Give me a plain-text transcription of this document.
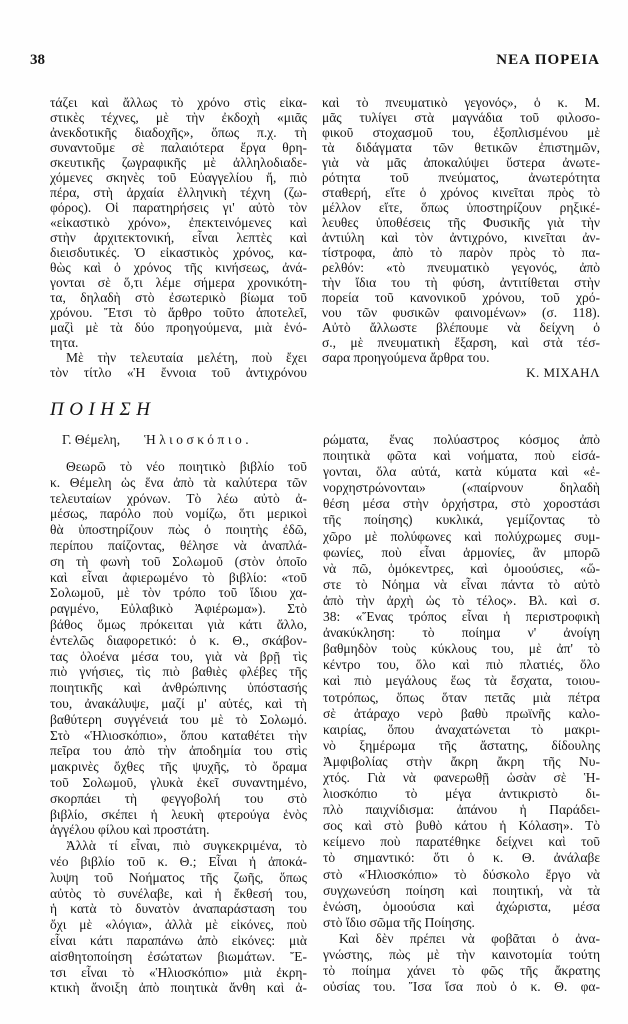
38	ΝΕΑ ΠΟΡΕΙΑ
τάζει καὶ ἄλλως τὸ χρόνο στὶς εἰκα-
στικὲς τέχνες, μὲ τὴν ἐκδοχὴ «μιᾶς
ἀνεκδοτικῆς διαδοχῆς», ὅπως π.χ. τὴ
συναντοῦμε σὲ παλαιότερα ἔργα θρη-
σκευτικῆς ζωγραφικῆς μὲ ἀλληλοδιαδε-
χόμενες σκηνὲς τοῦ Εὐαγγελίου ἤ, πιὸ
πέρα, στὴ ἀρχαία ἑλληνικὴ τέχνη (ζω-
φόρος). Οἱ παρατηρήσεις γι' αὐτὸ τὸν
«εἰκαστικὸ χρόνο», ἐπεκτεινόμενες καὶ
στὴν ἀρχιτεκτονική, εἶναι λεπτὲς καὶ
διεισδυτικές. Ὁ εἰκαστικὸς χρόνος, κα-
θὼς καὶ ὁ χρόνος τῆς κινήσεως, ἀνά-
γονται σὲ ὅ,τι λέμε σήμερα χρονικότη-
τα, δηλαδὴ στὸ ἐσωτερικὸ βίωμα τοῦ
χρόνου. Ἔτσι τὸ ἄρθρο τοῦτο ἀποτελεῖ,
μαζὶ μὲ τὰ δύο προηγούμενα, μιὰ ἑνό-
τητα.
Μὲ τὴν τελευταία μελέτη, ποὺ ἔχει
τὸν τίτλο «Ἡ ἔννοια τοῦ ἀντιχρόνου
καὶ τὸ πνευματικὸ γεγονός», ὁ κ. Μ.
μᾶς τυλίγει στὰ μαγνάδια τοῦ φιλοσο-
φικοῦ στοχασμοῦ του, ἐξοπλισμένου μὲ
τὰ διδάγματα τῶν θετικῶν ἐπιστημῶν,
γιὰ νὰ μᾶς ἀποκαλύψει ὕστερα ἀνωτε-
ρότητα τοῦ πνεύματος, ἀνωτερότητα
σταθερή, εἴτε ὁ χρόνος κινεῖται πρὸς τὸ
μέλλον εἴτε, ὅπως ὑποστηρίζουν ρηξικέ-
λευθες ὑποθέσεις τῆς Φυσικῆς γιὰ τὴν
ἀντιύλη καὶ τὸν ἀντιχρόνο, κινεῖται ἀν-
τίστροφα, ἀπὸ τὸ παρὸν πρὸς τὸ πα-
ρελθόν: «τὸ πνευματικὸ γεγονός, ἀπὸ
τὴν ἴδια του τὴ φύση, ἀντιτίθεται στὴν
πορεία τοῦ κανονικοῦ χρόνου, τοῦ χρό-
νου τῶν φυσικῶν φαινομένων» (σ. 118).
Αὐτὸ ἄλλωστε βλέπουμε νὰ δείχνη ὁ
σ., μὲ πνευματικὴ ἔξαρση, καὶ στὰ τέσ-
σαρα προηγούμενα ἄρθρα του.
Κ. ΜΙΧΑΗΛ
ΠΟΙΗΣΗ
Γ. Θέμελη, Ἡλιοσκόπιο.
Θεωρῶ τὸ νέο ποιητικὸ βιβλίο τοῦ
κ. Θέμελη ὡς ἕνα ἀπὸ τὰ καλύτερα τῶν
τελευταίων χρόνων. Τὸ λέω αὐτὸ ἀ-
μέσως, παρόλο ποὺ νομίζω, ὅτι μερικοὶ
θὰ ὑποστηρίζουν πὼς ὁ ποιητὴς ἐδῶ,
περίπου παίζοντας, θέλησε νὰ ἀναπλά-
ση τὴ φωνὴ τοῦ Σολωμοῦ (στὸν ὁποῖο
καὶ εἶναι ἀφιερωμένο τὸ βιβλίο: «τοῦ
Σολωμοῦ, μὲ τὸν τρόπο τοῦ ἴδιου χα-
ραγμένο, Εὐλαβικὸ Ἀφιέρωμα»). Στὸ
βάθος ὅμως πρόκειται γιὰ κάτι ἄλλο,
ἐντελῶς διαφορετικό: ὁ κ. Θ., σκάβον-
τας ὁλοένα μέσα του, γιὰ νὰ βρῇ τὶς
πιὸ γνήσιες, τὶς πιὸ βαθιὲς φλέβες τῆς
ποιητικῆς καὶ ἀνθρώπινης ὑπόστασής
του, ἀνακάλυψε, μαζί μ' αὐτές, καὶ τὴ
βαθύτερη συγγένειά του μὲ τὸ Σολωμό.
Στὸ «Ἡλιοσκόπιο», ὅπου καταθέτει τὴν
πεῖρα του ἀπὸ τὴν ἀποδημία του στὶς
μακρινὲς ὄχθες τῆς ψυχῆς, τὸ ὅραμα
τοῦ Σολωμοῦ, γλυκὰ ἐκεῖ συναντημένο,
σκορπάει τὴ φεγγοβολή του στὸ
βιβλίο, σκέπει ἡ λευκὴ φτερούγα ἑνὸς
ἀγγέλου φίλου καὶ προστάτη.
Ἀλλὰ τί εἶναι, πιὸ συγκεκριμένα, τὸ
νέο βιβλίο τοῦ κ. Θ.; Εἶναι ἡ ἀποκά-
λυψη τοῦ Νοήματος τῆς ζωῆς, ὅπως
αὐτὸς τὸ συνέλαβε, καὶ ἡ ἔκθεσή του,
ἡ κατὰ τὸ δυνατὸν ἀναπαράσταση του
ὄχι μὲ «λόγια», ἀλλὰ μὲ εἰκόνες, ποὺ
εἶναι κάτι παραπάνω ἀπὸ εἰκόνες: μιὰ
αἰσθητοποίηση ἐσώτατων βιωμάτων. Ἔ-
τσι εἶναι τὸ «Ἡλιοσκόπιο» μιὰ ἐκρη-
κτικὴ ἄνοιξη ἀπὸ ποιητικὰ ἄνθη καὶ ἀ-
ρώματα, ἕνας πολύαστρος κόσμος ἀπὸ
ποιητικὰ φῶτα καὶ νοήματα, ποὺ εἰσά-
γονται, ὅλα αὐτά, κατὰ κύματα καὶ «ἐ-
νορχηστρώνονται» («παίρνουν δηλαδὴ
θέση μέσα στὴν ὀρχήστρα, στὸ χοροστάσι
τῆς ποίησης) κυκλικά, γεμίζοντας τὸ
χῶρο μὲ πολύφωνες καὶ πολύχρωμες συμ-
φωνίες, ποὺ εἶναι ἁρμονίες, ἂν μπορῶ
νὰ πῶ, ὁμόκεντρες, καὶ ὁμοούσιες, «ὥ-
στε τὸ Νόημα νὰ εἶναι πάντα τὸ αὐτὸ
ἀπὸ τὴν ἀρχὴ ὡς τὸ τέλος». Βλ. καὶ σ.
38: «Ἕνας τρόπος εἶναι ἡ περιστροφικὴ
ἀνακύκληση: τὸ ποίημα ν' ἀνοίγη
βαθμηδὸν τοὺς κύκλους του, μὲ ἀπ' τὸ
κέντρο του, ὅλο καὶ πιὸ πλατιές, ὅλο
καὶ πιὸ μεγάλους ἕως τὰ ἔσχατα, τοιου-
τοτρόπως, ὅπως ὅταν πετᾶς μιὰ πέτρα
σὲ ἀτάραχο νερὸ βαθὺ πρωϊνῆς καλο-
καιρίας, ὅπου ἀναχατώνεται τὸ μακρι-
νὸ ξημέρωμα τῆς ἄστατης, δίδουλης
Ἀμφιβολίας στὴν ἄκρη ἄκρη τῆς Νυ-
χτός. Γιὰ νὰ φανερωθῇ ὡσὰν σὲ Ἡ-
λιοσκόπιο τὸ μέγα ἀντικριστὸ δι-
πλὸ παιχνίδισμα: ἀπάνου ἡ Παράδει-
σος καὶ στὸ βυθὸ κάτου ἡ Κόλαση». Τὸ
κείμενο ποὺ παρατέθηκε δείχνει καὶ τοῦ
τὸ σημαντικό: ὅτι ὁ κ. Θ. ἀνάλαβε
στὸ «Ἡλιοσκόπιο» τὸ δύσκολο ἔργο νὰ
συγχωνεύση ποίηση καὶ ποιητική, νὰ τὰ
ἑνώση, ὁμοούσια καὶ ἀχώριστα, μέσα
στὸ ἴδιο σῶμα τῆς Ποίησης.
Καὶ δὲν πρέπει νὰ φοβᾶται ὁ ἀνα-
γνώστης, πὼς μὲ τὴν καινοτομία τούτη
τὸ ποίημα χάνει τὸ φῶς τῆς ἄκρατης
οὐσίας του. Ἴσα ἴσα ποὺ ὁ κ. Θ. φα-
